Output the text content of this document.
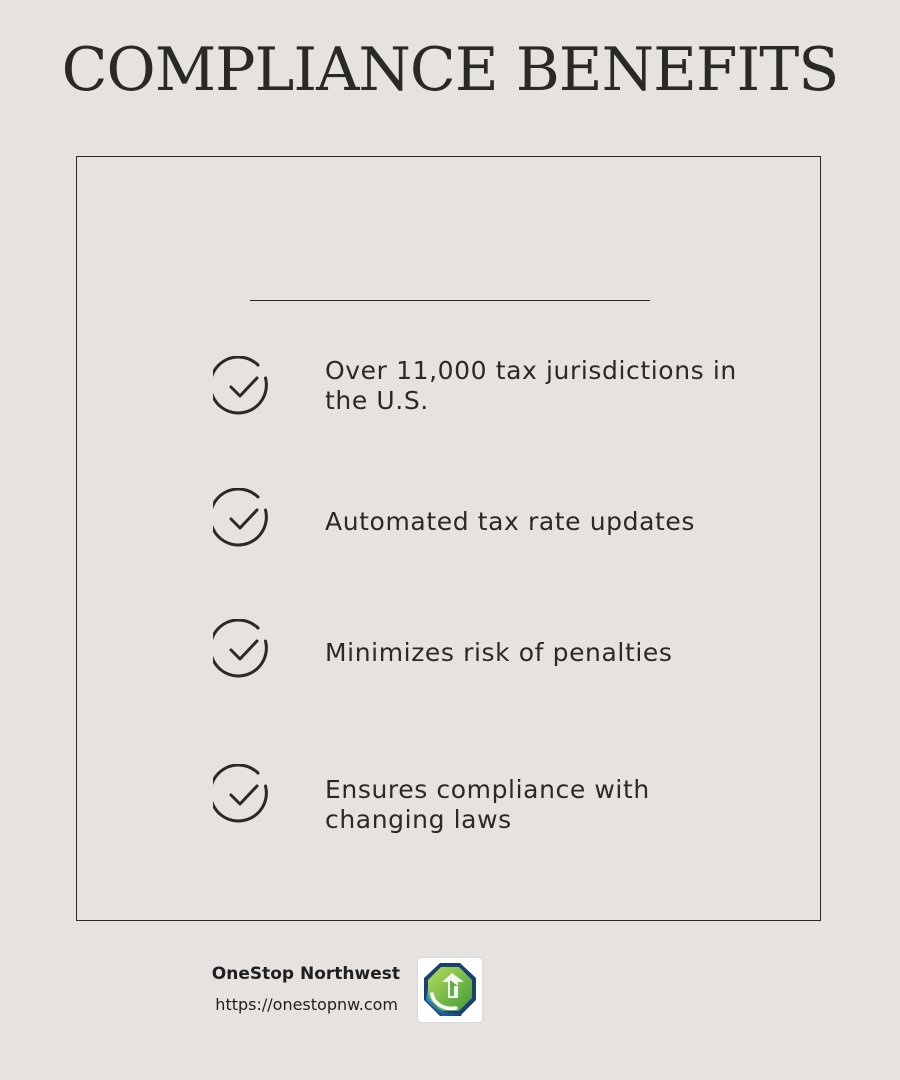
COMPLIANCE BENEFITS
Over 11,000 tax jurisdictions in the U.S.
Automated tax rate updates
Minimizes risk of penalties
Ensures compliance with changing laws
OneStop Northwest
https://onestopnw.com
